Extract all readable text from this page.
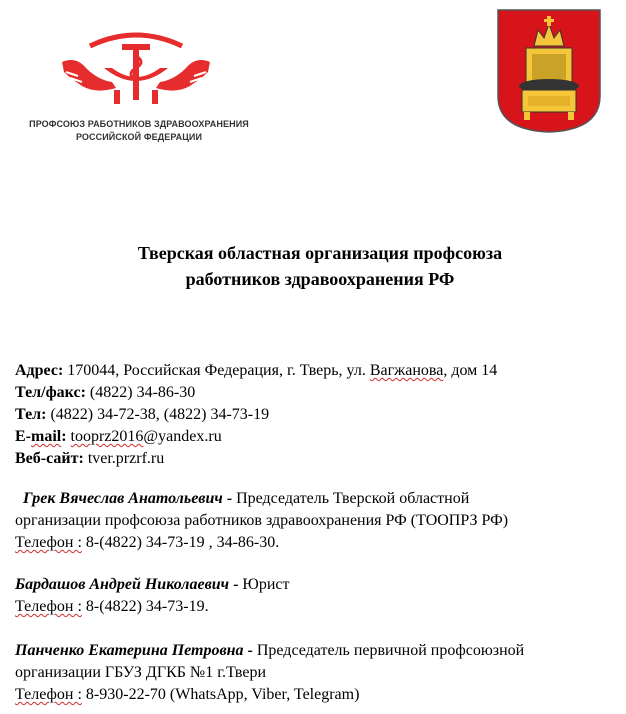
ПРОФСОЮЗ РАБОТНИКОВ ЗДРАВООХРАНЕНИЯ
РОССИЙСКОЙ ФЕДЕРАЦИИ
Тверская областная организация профсоюза
работников здравоохранения РФ
Адрес: 170044, Российская Федерация, г. Тверь, ул. Вагжанова, дом 14
Тел/факс: (4822) 34-86-30
Тел: (4822) 34-72-38, (4822) 34-73-19
E-mail: tooprz2016@yandex.ru
Веб-сайт: tver.przrf.ru
Грек Вячеслав Анатольевич - Председатель Тверской областной
организации профсоюза работников здравоохранения РФ (ТООПРЗ РФ)
Телефон : 8-(4822) 34-73-19 , 34-86-30.
Бардашов Андрей Николаевич - Юрист
Телефон : 8-(4822) 34-73-19.
Панченко Екатерина Петровна - Председатель первичной профсоюзной
организации ГБУЗ ДГКБ №1 г.Твери
Телефон : 8-930-22-70 (WhatsApp, Viber, Telegram)
